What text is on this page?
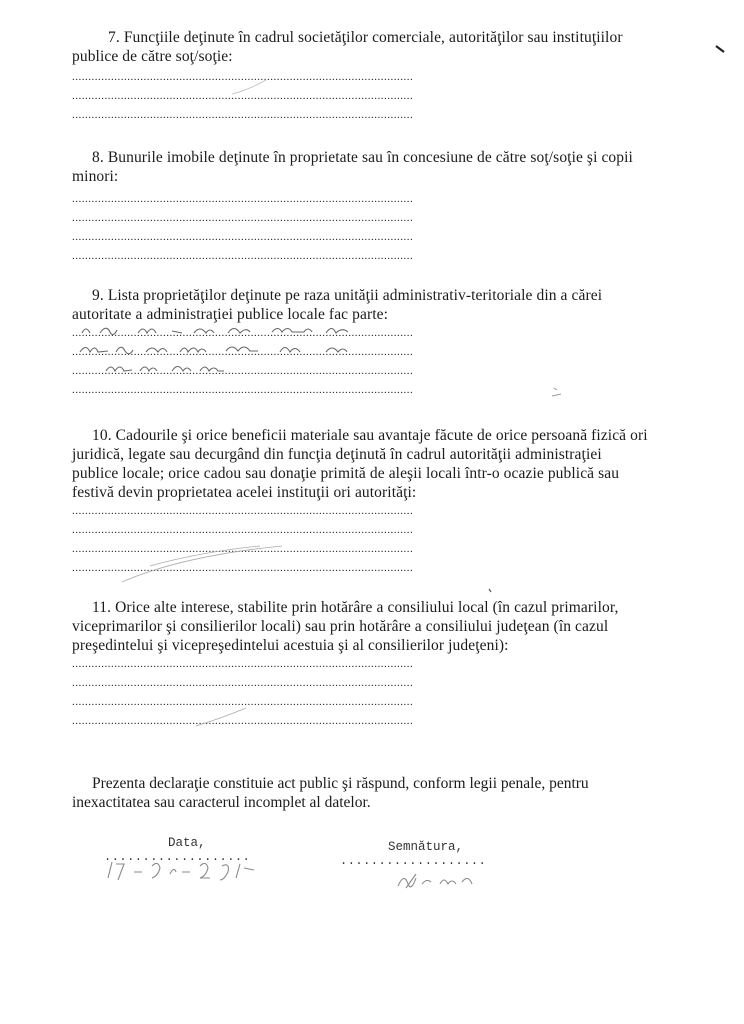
7. Funcţiile deţinute în cadrul societăţilor comerciale, autorităţilor sau instituţiilor publice de către soţ/soţie:

.....
.....
.....

8. Bunurile imobile deţinute în proprietate sau în concesiune de către soţ/soţie şi copii minori:

.....
.....
.....
.....

9. Lista proprietăţilor deţinute pe raza unităţii administrativ-teritoriale din a cărei autoritate a administraţiei publice locale fac parte:

.....
.....
.....
.....

10. Cadourile şi orice beneficii materiale sau avantaje făcute de orice persoană fizică ori juridică, legate sau decurgând din funcţia deţinută în cadrul autorităţii administraţiei publice locale; orice cadou sau donaţie primită de aleşii locali într-o ocazie publică sau festivă devin proprietatea acelei instituţii ori autorităţi:

.....
.....
.....
.....

11. Orice alte interese, stabilite prin hotărâre a consiliului local (în cazul primarilor, viceprimarilor şi consilierilor locali) sau prin hotărâre a consiliului judeţean (în cazul preşedintelui şi vicepreşedintelui acestuia şi al consilierilor judeţeni):

.....
.....
.....
.....

Prezenta declaraţie constituie act public şi răspund, conform legii penale, pentru inexactitatea sau caracterul incomplet al datelor.

Data,
...................
Semnătura,
...................
